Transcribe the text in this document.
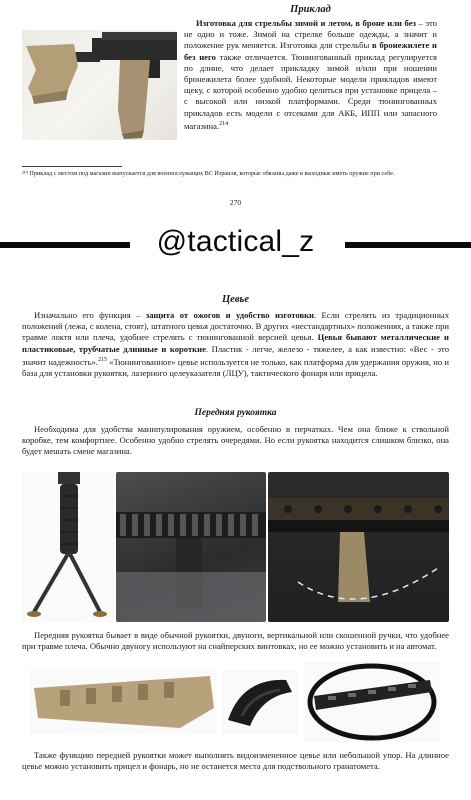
Приклад
Изготовка для стрельбы зимой и летом, в броне или без – это не одно и тоже. Зимой на стрелке больше одежды, а значит и положение рук меняется. Изготовка для стрельбы в бронежилете и без него также отличается. Тюнингованный приклад регулируется по длине, что делает прикладку зимой и/или при ношении бронежилета более удобной. Некоторые модели прикладов имеют щеку, с которой особенно удобно целиться при установке прицела – с высокой или низкой платформами. Среди тюнингованных прикладов есть модели с отсеками для АКБ, ИПП или запасного магазина.$^{214}$
²¹⁴ Приклад с местом под магазин выпускается для военнослужащих ВС Израиля, которые обязаны даже в выходные иметь оружие при себе.
270
@tactical_z
Цевье
Изначально его функция – защита от ожогов и удобство изготовки. Если стрелять из традиционных положений (лежа, с колена, стоят), штатного цевья достаточно. В других «нестандартных» положениях, а также при травме локтя или плеча, удобнее стрелять с тюнингованной версией цевья. Цевья бывают металлические и пластиковые, трубчатые длинные и короткие. Пластик - легче, железо - тяжелее, а как известно: «Вес - это значит надежность».$^{215}$ «Тюнингованное» цевье используется не только, как платформа для удержания оружия, но и база для установки рукоятки, лазерного целеуказателя (ЛЦУ), тактического фонаря или прицела.
Передняя рукоятка
Необходима для удобства манипулирования оружием, особенно в перчатках. Чем она ближе к ствольной коробке, тем комфортнее. Особенно удобно стрелять очередями. Но если рукоятка находится слишком близко, она будет мешать смене магазина.
Передняя рукоятка бывает в виде обычной рукоятки, двуноги, вертикальной или скошенной ручки, что удобнее при травме плеча. Обычно двуногу используют на снайперских винтовках, но ее можно установить и на автомат.
Также функцию передней рукоятки может выполнять видоизмененное цевье или небольшой упор. На длинное цевье можно установить прицел и фонарь, но не останется места для подствольного гранатомета.
